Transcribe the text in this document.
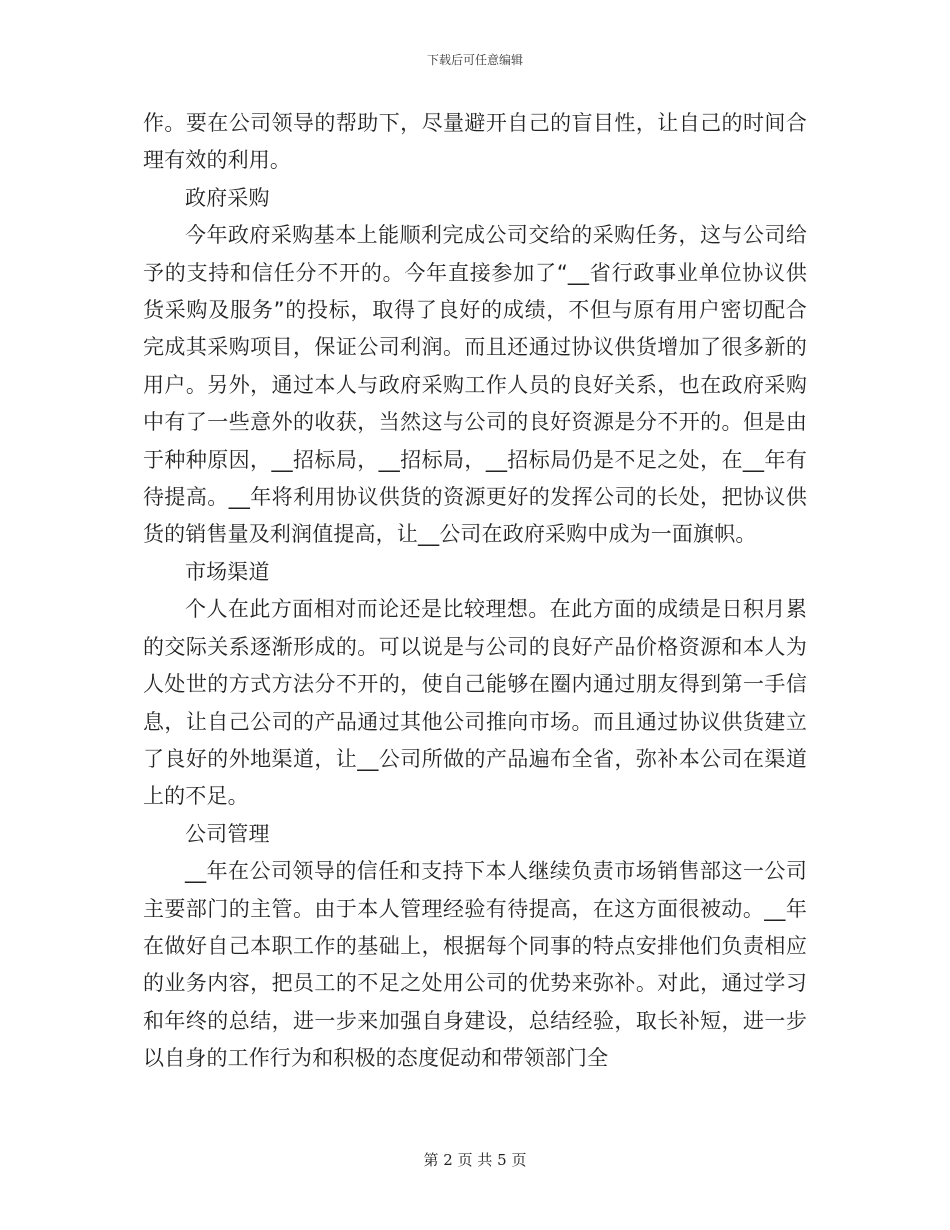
下载后可任意编辑

作。要在公司领导的帮助下，尽量避开自己的盲目性，让自己的时间合理有效的利用。

政府采购

今年政府采购基本上能顺利完成公司交给的采购任务，这与公司给予的支持和信任分不开的。今年直接参加了“__省行政事业单位协议供货采购及服务”的投标，取得了良好的成绩，不但与原有用户密切配合完成其采购项目，保证公司利润。而且还通过协议供货增加了很多新的用户。另外，通过本人与政府采购工作人员的良好关系，也在政府采购中有了一些意外的收获，当然这与公司的良好资源是分不开的。但是由于种种原因，__招标局，__招标局，__招标局仍是不足之处，在__年有待提高。__年将利用协议供货的资源更好的发挥公司的长处，把协议供货的销售量及利润值提高，让__公司在政府采购中成为一面旗帜。

市场渠道

个人在此方面相对而论还是比较理想。在此方面的成绩是日积月累的交际关系逐渐形成的。可以说是与公司的良好产品价格资源和本人为人处世的方式方法分不开的，使自己能够在圈内通过朋友得到第一手信息，让自己公司的产品通过其他公司推向市场。而且通过协议供货建立了良好的外地渠道，让__公司所做的产品遍布全省，弥补本公司在渠道上的不足。

公司管理

__年在公司领导的信任和支持下本人继续负责市场销售部这一公司主要部门的主管。由于本人管理经验有待提高，在这方面很被动。__年在做好自己本职工作的基础上，根据每个同事的特点安排他们负责相应的业务内容，把员工的不足之处用公司的优势来弥补。对此，通过学习和年终的总结，进一步来加强自身建设，总结经验，取长补短，进一步以自身的工作行为和积极的态度促动和带领部门全

第 2 页 共 5 页
